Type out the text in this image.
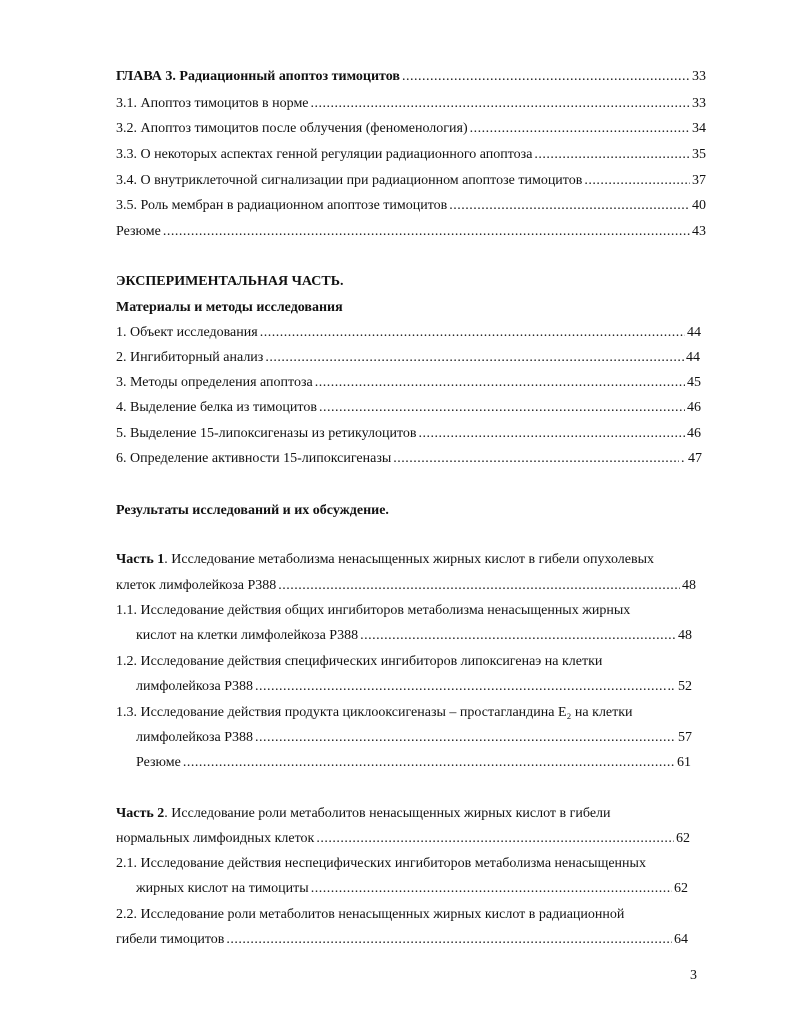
ГЛАВА 3. Радиационный апоптоз тимоцитов .....	33
3.1. Апоптоз тимоцитов в норме .....	33
3.2. Апоптоз тимоцитов после облучения (феноменология) .....	34
3.3. О некоторых аспектах генной регуляции радиационного апоптоза .....	35
3.4. О внутриклеточной сигнализации при радиационном апоптозе тимоцитов .....	37
3.5. Роль мембран в радиационном апоптозе тимоцитов .....	40
Резюме .....	43
ЭКСПЕРИМЕНТАЛЬНАЯ ЧАСТЬ.
Материалы и методы исследования
1. Объект исследования .....	44
2. Ингибиторный анализ .....	44
3. Методы определения апоптоза .....	45
4. Выделение белка из тимоцитов .....	46
5. Выделение 15-липоксигеназы из ретикулоцитов .....	46
6. Определение активности 15-липоксигеназы .....	. 47
Результаты исследований и их обсуждение.
Часть 1. Исследование метаболизма ненасыщенных жирных кислот в гибели опухолевых
клеток лимфолейкоза P388 .....	48
1.1. Исследование действия общих ингибиторов метаболизма ненасыщенных жирных
кислот на клетки лимфолейкоза P388 .....	48
1.2. Исследование действия специфических ингибиторов липоксигенаэ на клетки
лимфолейкоза P388 .....	.. 52
1.3. Исследование действия продукта циклооксигеназы – простагландина E₂ на клетки
лимфолейкоза P388 .....	57
Резюме .....	61
Часть 2. Исследование роли метаболитов ненасыщенных жирных кислот в гибели
нормальных лимфоидных клеток .....	62
2.1. Исследование действия неспецифических ингибиторов метаболизма ненасыщенных
жирных кислот на тимоциты .....	62
2.2. Исследование роли метаболитов ненасыщенных жирных кислот в радиационной
гибели тимоцитов .....	64
3
